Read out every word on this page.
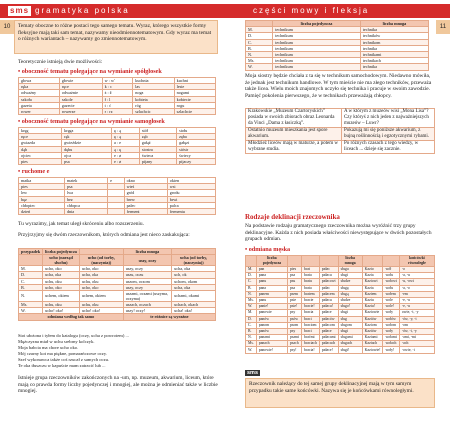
sms gramatyka polska
10	Tematy oboczne to różne postaci tego samego tematu. Wyraz, którego wszystkie formy fleksyjne mają taki sam temat, nazywamy nieodmiennotematowym. Gdy wyraz ma temat o różnych wariantach – nazywamy go zmiennotematowym.
Teoretycznie istnieją dwie możliwości:
• oboczność tematu polegające na wymianie spółgłosek
głowa	głowie	w : w'	kuchnia	kuchni
ręka	ręce	k : c	las	lesie
odważny	odważnie	ż : ž	noga	nogami
szkoła	szkole	ł : l	kobieta	kobiecie
gazeta	gazecie	t : ć	róg	rogu
rower	rowerze	r : rz	szlachcic	szlachcie
• oboczność tematu polegające na wymianie samogłosek
kręg	kręga	ę : ą	stół	stołu
ręce	rąk	ę : ą	ząb	zęba
gwiazda	gwieździe	a : e	gałąź	gałęzi
dąb	dębu	ą : ę	siostra	sióstr
ojciec	ojca	e : ø	świeca	świecy
pies	psa	e : ø	pijany	pijaczy
• ruchome e
matka	matek	e	okno	okien
pies	psa		wieś	wsi
lew	lwa		gród	grodu
bęz	bez		brew	brwi
chłopiec	chłopca		palec	palca
dzień	dnia		ferment	fermentu
Tu wyrazimy, jak temat uległ skróceniu albo rozszerzeniu.
Przyjrzyjmy się dwóm rzeczownikom, których odmiana jest nieco zaskakująca:
przypadek	liczba pojedyncza		liczba mnoga	
	ucho (narząd słuchu)	ucho (od torby, (naczynia))	uszy, oczy	ucha (od torby, (naczynia))
M.	ucho, oko	ucho, oko	uszy, oczy	ucha, oka
D.	ucha, oka	ucha, oka	uszu, oczu	uch, ok
C.	uchu, oku	uchu, oku	uszom, oczom	uchom, okom
B.	ucho, oko	ucho, oko	uszy, oczy	ucha, oka
N.	uchem, okiem	uchem, okiem	uszami, oczami (uszyma, oczyma)	uchami, okami
Ms.	uchu, oku	uchu, oku	uszach, oczach	uchach, okach
W.	ucho! oko!	ucho! oko!	uszy! oczy!	ucha! oka!
odmiana według tak samo			te różnice są wyraźne	
Stoi ułożona i tyłem do katalogu (oczy, ucha z powrotem) ...
Mężczyzna miał w uchu srebrny kolczyk.
Moja babcia ma chore ucho oko.
Mój czarny kot ma piękne, pomarańczowe oczy.
Szef wykonawca także coś rzucał z samych oczu.
Te oka tłuszczu w kapuście mam zatracić lub ...
Istnieje grupa rzeczowników zakończonych na -um, np. muzeum, akwarium, liceum, które mają co prawda formy liczby pojedynczej i mnogiej, ale można je odmieniać także w liczbie mnogiej.
części mowy i fleksja
11
	liczba pojedyncza	liczba mnoga
M.	technikum	technika
D.	technikum	techników
C.	technikum	technikom
B.	technikum	technika
N.	technikum	technikami
Ms.	technikum	technikach
W.	technikum	technika
Moja siostry będzie chciała z ta się w technikum samochodowym. Niedawno mówiła, że jednak jest technikum handlowe. W tym mieście nie ma złego techników, przeważa także licea. Wielu moich znajomych uczyło się technika i pracuje w swoim zawodzie. Pamięć pokolenia pierwszego, że w technikach przeważają chłopcy.
Krakowskie „Muzeum Czartoryskich” posiada w swoich zbiorach obraz Leonarda da Vinci „Dama z łasiczką”.	A w którym z muzeów wisi „Mona Lisa”? Czy któryś z nich jeden z najważniejszych muzeów – Luwr?
Ostatnio muzeum mieszkania jest spore akwarium.	Pokazują mi się poniższe akwarium, z bujną roślinnością i egzotycznymi rybami.
Młodzież liceów mają w maturze, a potem w wybrane studia.	Po różnych czasach z tego wiedzy, w liceach ... dzieje się zacznie.
Rodzaje deklinacji rzeczownika
Na podstawie rodzaju gramatycznego rzeczownika można wyróżnić trzy grupy deklinacyjne. Każda z nich posiada właściwości niewystępujące w dwóch pozostałych grupach odmian.
• odmiana męska
	liczba pojedyncza				liczba mnoga			końcówki równoległe
M.	pan	pies	brat	pałac	sługa	Kazio	wół	-o
D.	pana	psa	brata	pałacu	sługi	Kazia	wołu	-a, -u
C.	panu	psu	bratu	pałacowi	słudze	Kaziowi	wołowi	-u, -owi
B.	pana	psa	brata	pałac	sługę	Kazia	wołu	-a, -o
N.	panem	psem	bratem	pałacem	sługą	Kaziem	wołem	-em
Ms.	panu	psie	bracie	pałacu	słudze	Kaziu	wole	-e, -u
W.	panie!	psie!	bracie!	pałacu!	sługo!	Kaziu!	wole!	-e, -u
M.	panowie	psy	bracia	pałace	sługi	Kaziowie	woły	owie, -i, -y
D.	panów	psów	braci	pałaców	sług	Kaziów	wołów	-ów, -y, -i
C.	panom	psom	braciom	pałacom	sługom	Kaziom	wołom	-om
B.	panów	psy	braci	pałace	sługi	Kaziów	woły	-ów, -i, -y
N.	panami	psami	braćmi	pałacami	sługami	Kaziami	wołami	-ami, -mi
Ms.	panach	psach	braciach	pałacach	sługach	Kaziach	wołach	-ach
W.	panowie!	psy!	bracia!	pałace!	sługi!	Kaziowie!	woły!	-owie, -i
sms
Rzeczownik należący do tej samej grupy deklinacyjnej mają w tym samym przypadku takie same końcówki. Nazywa się je końcówkami równoległymi.
